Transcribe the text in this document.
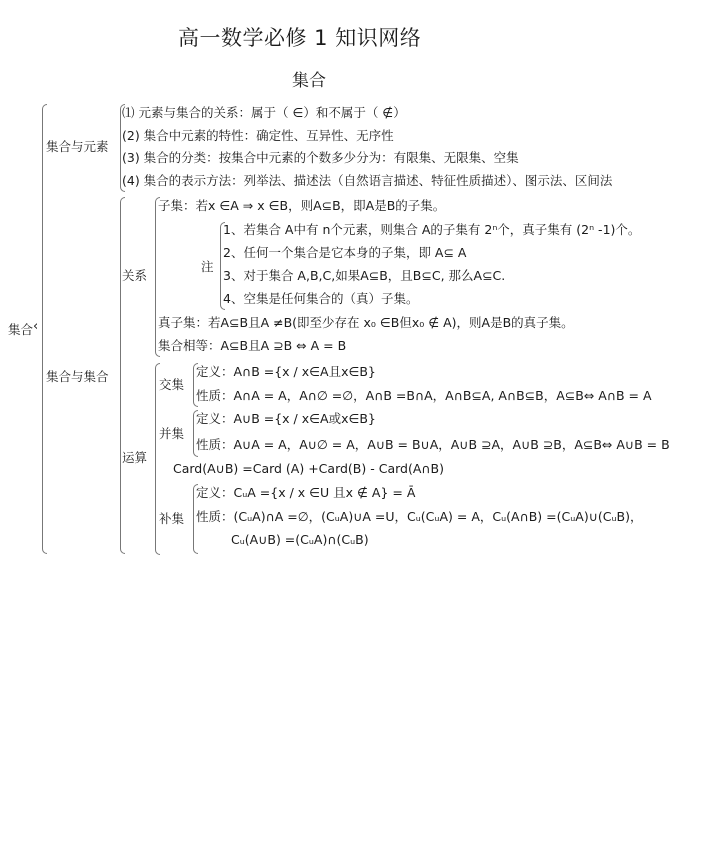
高一数学必修 1 知识网络
集合
集合 ‹
集合与元素
⑴ 元素与集合的关系：属于（ ∈）和不属于（ ∉）
(2) 集合中元素的特性：确定性、互异性、无序性
(3) 集合的分类：按集合中元素的个数多少分为：有限集、无限集、空集
(4) 集合的表示方法：列举法、描述法（自然语言描述、特征性质描述）、图示法、区间法
集合与集合
关系
子集：若x ∈A ⇒ x ∈B，则A⊆B，即A是B的子集。
注
1、若集合 A中有 n个元素，则集合 A的子集有 2ⁿ个，真子集有 (2ⁿ -1)个。
2、任何一个集合是它本身的子集，即 A⊆ A
3、对于集合 A,B,C,如果A⊆B，且B⊆C, 那么A⊆C.
4、空集是任何集合的（真）子集。
真子集：若A⊆B且A ≠B(即至少存在 x₀ ∈B但x₀ ∉ A)，则A是B的真子集。
集合相等：A⊆B且A ⊇B ⇔ A = B
运算
交集
定义：A∩B ={x / x∈A且x∈B}
性质：A∩A = A，A∩∅ =∅，A∩B =B∩A，A∩B⊆A, A∩B⊆B，A⊆B⇔ A∩B = A
并集
定义：A∪B ={x / x∈A或x∈B}
性质：A∪A = A，A∪∅ = A，A∪B = B∪A，A∪B ⊇A，A∪B ⊇B，A⊆B⇔ A∪B = B
Card(A∪B) =Card (A) +Card(B) - Card(A∩B)
补集
定义：CᵤA ={x / x ∈U 且x ∉ A} = Ā
性质：(CᵤA)∩A =∅，(CᵤA)∪A =U，Cᵤ(CᵤA) = A，Cᵤ(A∩B) =(CᵤA)∪(CᵤB)，
Cᵤ(A∪B) =(CᵤA)∩(CᵤB)
